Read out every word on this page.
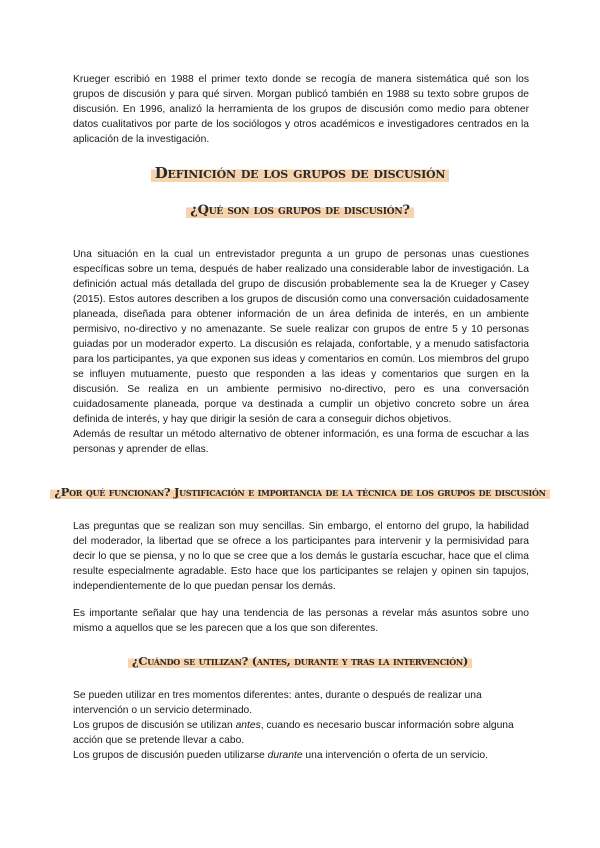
Krueger escribió en 1988 el primer texto donde se recogía de manera sistemática qué son los grupos de discusión y para qué sirven. Morgan publicó también en 1988 su texto sobre grupos de discusión. En 1996, analizó la herramienta de los grupos de discusión como medio para obtener datos cualitativos por parte de los sociólogos y otros académicos e investigadores centrados en la aplicación de la investigación.

Definición de los grupos de discusión
¿Qué son los grupos de discusión?

Una situación en la cual un entrevistador pregunta a un grupo de personas unas cuestiones específicas sobre un tema, después de haber realizado una considerable labor de investigación. La definición actual más detallada del grupo de discusión probablemente sea la de Krueger y Casey (2015). Estos autores describen a los grupos de discusión como una conversación cuidadosamente planeada, diseñada para obtener información de un área definida de interés, en un ambiente permisivo, no-directivo y no amenazante. Se suele realizar con grupos de entre 5 y 10 personas guiadas por un moderador experto. La discusión es relajada, confortable, y a menudo satisfactoria para los participantes, ya que exponen sus ideas y comentarios en común. Los miembros del grupo se influyen mutuamente, puesto que responden a las ideas y comentarios que surgen en la discusión. Se realiza en un ambiente permisivo no-directivo, pero es una conversación cuidadosamente planeada, porque va destinada a cumplir un objetivo concreto sobre un área definida de interés, y hay que dirigir la sesión de cara a conseguir dichos objetivos.

Además de resultar un método alternativo de obtener información, es una forma de escuchar a las personas y aprender de ellas.

¿Por qué funcionan? Justificación e importancia de la técnica de los grupos de discusión

Las preguntas que se realizan son muy sencillas. Sin embargo, el entorno del grupo, la habilidad del moderador, la libertad que se ofrece a los participantes para intervenir y la permisividad para decir lo que se piensa, y no lo que se cree que a los demás le gustaría escuchar, hace que el clima resulte especialmente agradable. Esto hace que los participantes se relajen y opinen sin tapujos, independientemente de lo que puedan pensar los demás.

Es importante señalar que hay una tendencia de las personas a revelar más asuntos sobre uno mismo a aquellos que se les parecen que a los que son diferentes.

¿Cuándo se utilizan? (antes, durante y tras la intervención)

Se pueden utilizar en tres momentos diferentes: antes, durante o después de realizar una intervención o un servicio determinado.

Los grupos de discusión se utilizan antes, cuando es necesario buscar información sobre alguna acción que se pretende llevar a cabo.

Los grupos de discusión pueden utilizarse durante una intervención o oferta de un servicio.
